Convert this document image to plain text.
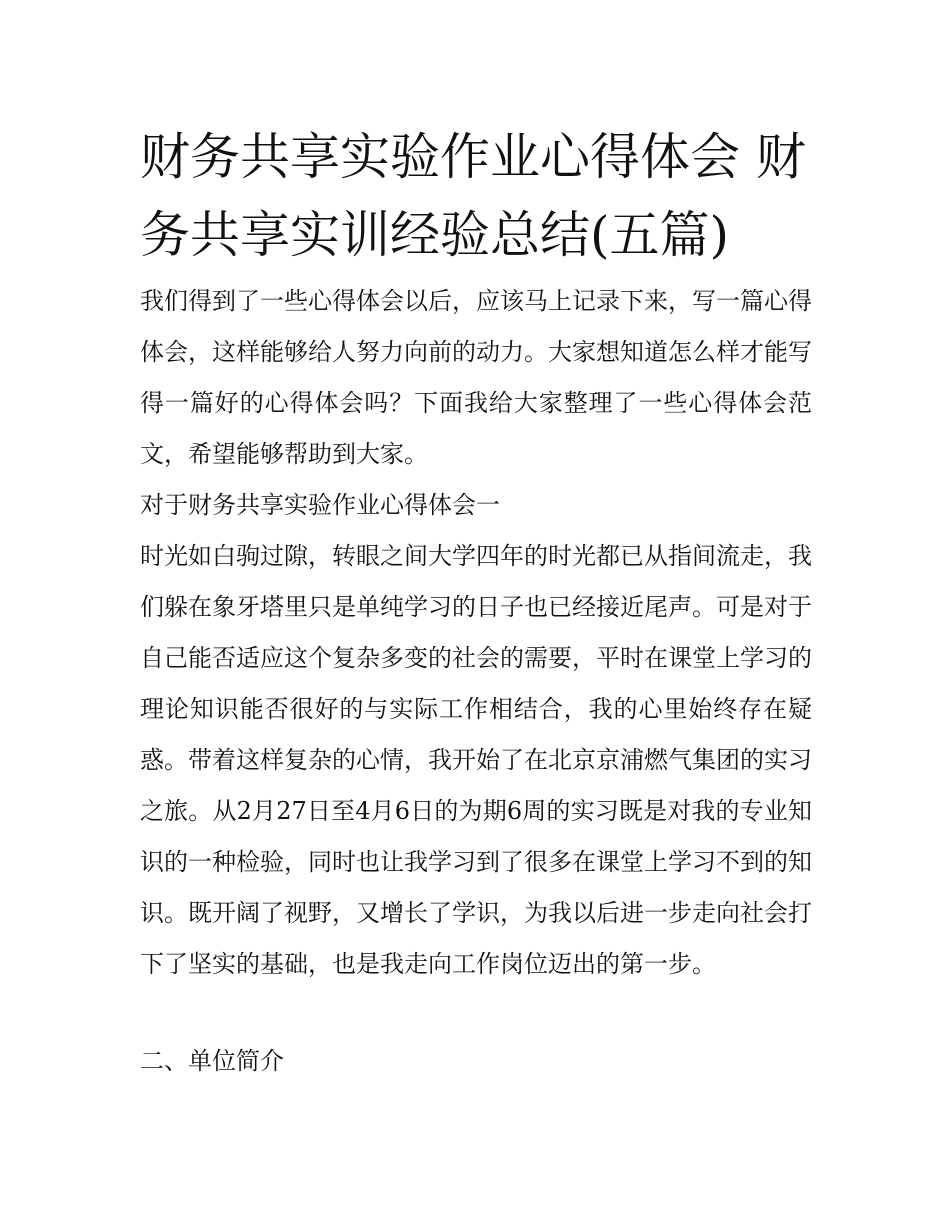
财务共享实验作业心得体会 财务共享实训经验总结(五篇)

我们得到了一些心得体会以后，应该马上记录下来，写一篇心得体会，这样能够给人努力向前的动力。大家想知道怎么样才能写得一篇好的心得体会吗？下面我给大家整理了一些心得体会范文，希望能够帮助到大家。

对于财务共享实验作业心得体会一

时光如白驹过隙，转眼之间大学四年的时光都已从指间流走，我们躲在象牙塔里只是单纯学习的日子也已经接近尾声。可是对于自己能否适应这个复杂多变的社会的需要，平时在课堂上学习的理论知识能否很好的与实际工作相结合，我的心里始终存在疑惑。带着这样复杂的心情，我开始了在北京京浦燃气集团的实习之旅。从2月27日至4月6日的为期6周的实习既是对我的专业知识的一种检验，同时也让我学习到了很多在课堂上学习不到的知识。既开阔了视野，又增长了学识，为我以后进一步走向社会打下了坚实的基础，也是我走向工作岗位迈出的第一步。

二、单位简介
